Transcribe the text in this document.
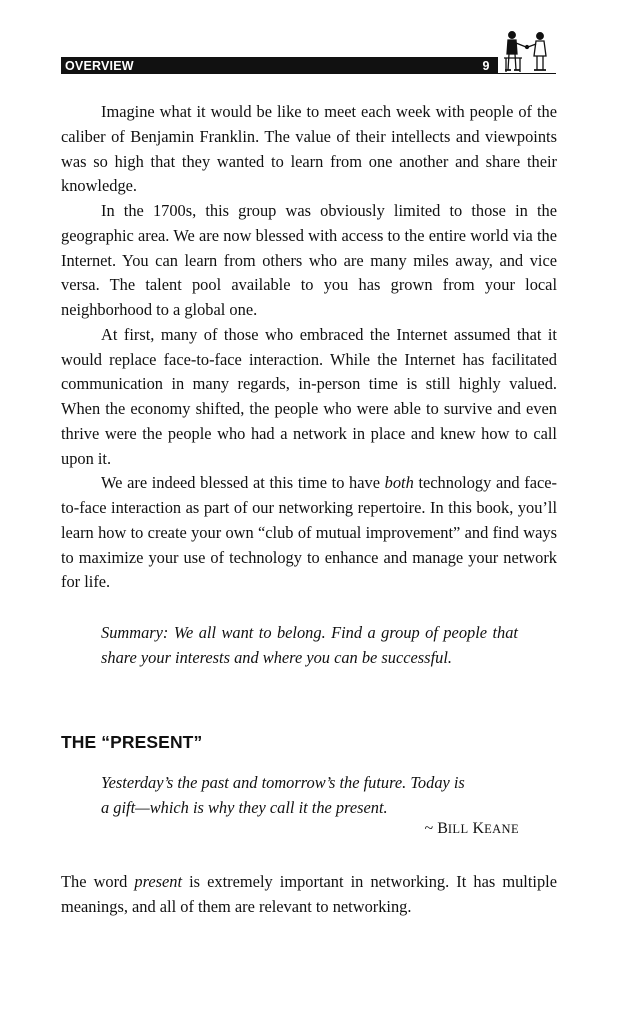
OVERVIEW	9

Imagine what it would be like to meet each week with people of the caliber of Benjamin Franklin. The value of their intellects and viewpoints was so high that they wanted to learn from one another and share their knowledge.

In the 1700s, this group was obviously limited to those in the geographic area. We are now blessed with access to the entire world via the Internet. You can learn from others who are many miles away, and vice versa. The talent pool available to you has grown from your local neighborhood to a global one.

At first, many of those who embraced the Internet assumed that it would replace face-to-face interaction. While the Internet has facilitated communication in many regards, in-person time is still highly valued. When the economy shifted, the people who were able to survive and even thrive were the people who had a network in place and knew how to call upon it.

We are indeed blessed at this time to have both technology and face-to-face interaction as part of our networking repertoire. In this book, you’ll learn how to create your own “club of mutual improvement” and find ways to maximize your use of technology to enhance and manage your network for life.

Summary: We all want to belong. Find a group of people that share your interests and where you can be successful.
THE “PRESENT”
Yesterday’s the past and tomorrow’s the future. Today is
a gift—which is why they call it the present.
~ BILL KEANE
The word present is extremely important in networking. It has multiple meanings, and all of them are relevant to networking.
